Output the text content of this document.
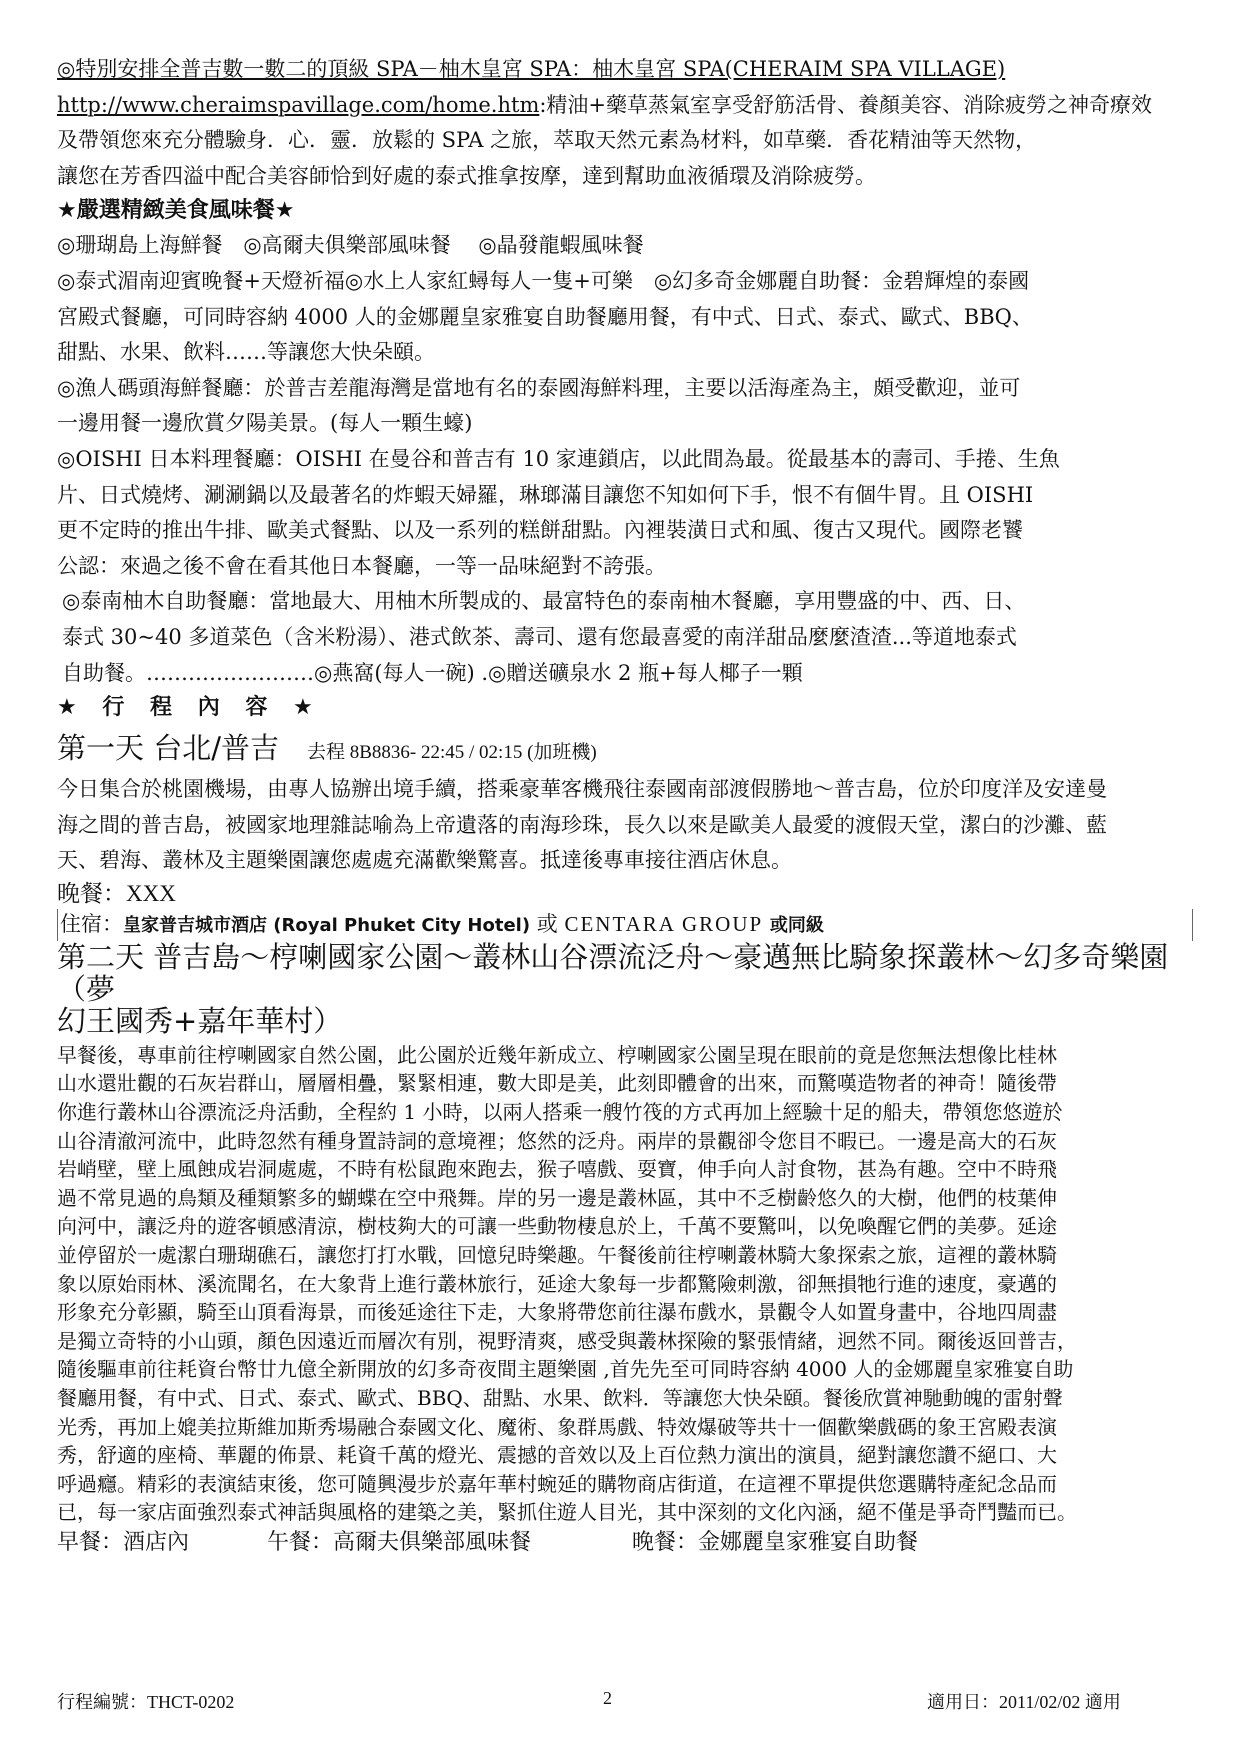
◎特別安排全普吉數一數二的頂級 SPA－柚木皇宮 SPA：柚木皇宮 SPA(CHERAIM SPA VILLAGE)

http://www.cheraimspavillage.com/home.htm:精油+藥草蒸氣室享受舒筋活骨、養顏美容、消除疲勞之神奇療效

及帶領您來充分體驗身．心．靈．放鬆的 SPA 之旅，萃取天然元素為材料，如草藥．香花精油等天然物，

讓您在芳香四溢中配合美容師恰到好處的泰式推拿按摩，達到幫助血液循環及消除疲勞。

★嚴選精緻美食風味餐★

◎珊瑚島上海鮮餐　◎高爾夫俱樂部風味餐　 ◎晶發龍蝦風味餐

◎泰式湄南迎賓晚餐+天燈祈福◎水上人家紅蟳每人一隻+可樂　◎幻多奇金娜麗自助餐：金碧輝煌的泰國

宮殿式餐廳，可同時容納 4000 人的金娜麗皇家雅宴自助餐廳用餐，有中式、日式、泰式、歐式、BBQ、

甜點、水果、飲料……等讓您大快朵頤。

◎漁人碼頭海鮮餐廳：於普吉差龍海灣是當地有名的泰國海鮮料理，主要以活海產為主，頗受歡迎，並可

一邊用餐一邊欣賞夕陽美景。(每人一顆生蠔)

◎OISHI 日本料理餐廳：OISHI 在曼谷和普吉有 10 家連鎖店，以此間為最。從最基本的壽司、手捲、生魚

片、日式燒烤、涮涮鍋以及最著名的炸蝦天婦羅，琳瑯滿目讓您不知如何下手，恨不有個牛胃。且 OISHI

更不定時的推出牛排、歐美式餐點、以及一系列的糕餅甜點。內裡裝潢日式和風、復古又現代。國際老饕

公認：來過之後不會在看其他日本餐廳，一等一品味絕對不誇張。

◎泰南柚木自助餐廳：當地最大、用柚木所製成的、最富特色的泰南柚木餐廳，享用豐盛的中、西、日、

泰式 30~40 多道菜色（含米粉湯）、港式飲茶、壽司、還有您最喜愛的南洋甜品麼麼渣渣...等道地泰式

自助餐。……………………◎燕窩(每人一碗) .◎贈送礦泉水 2 瓶+每人椰子一顆

★ 行 程 內 容 ★

第一天 台北/普吉 去程 8B8836- 22:45 / 02:15 (加班機)

今日集合於桃園機場，由專人協辦出境手續，搭乘豪華客機飛往泰國南部渡假勝地～普吉島，位於印度洋及安達曼

海之間的普吉島，被國家地理雜誌喻為上帝遺落的南海珍珠，長久以來是歐美人最愛的渡假天堂，潔白的沙灘、藍

天、碧海、叢林及主題樂園讓您處處充滿歡樂驚喜。抵達後專車接往酒店休息。

晚餐：XXX

住宿：皇家普吉城市酒店 (Royal Phuket City Hotel) 或 CENTARA GROUP 或同級

第二天 普吉島～梈喇國家公園～叢林山谷漂流泛舟～豪邁無比騎象探叢林～幻多奇樂園（夢

幻王國秀+嘉年華村）

早餐後，專車前往梈喇國家自然公園，此公園於近幾年新成立、梈喇國家公園呈現在眼前的竟是您無法想像比桂林
山水還壯觀的石灰岩群山，層層相疊，緊緊相連，數大即是美，此刻即體會的出來，而驚嘆造物者的神奇！隨後帶
你進行叢林山谷漂流泛舟活動，全程約 1 小時，以兩人搭乘一艘竹筏的方式再加上經驗十足的船夫，帶領您悠遊於
山谷清澈河流中，此時忽然有種身置詩詞的意境裡；悠然的泛舟。兩岸的景觀卻令您目不暇已。一邊是高大的石灰
岩峭壁，壁上風蝕成岩洞處處，不時有松鼠跑來跑去，猴子嘻戲、耍寶，伸手向人討食物，甚為有趣。空中不時飛
過不常見過的鳥類及種類繁多的蝴蝶在空中飛舞。岸的另一邊是叢林區，其中不乏樹齡悠久的大樹，他們的枝葉伸
向河中，讓泛舟的遊客頓感清涼，樹枝夠大的可讓一些動物棲息於上，千萬不要驚叫，以免喚醒它們的美夢。延途
並停留於一處潔白珊瑚礁石，讓您打打水戰，回憶兒時樂趣。午餐後前往梈喇叢林騎大象探索之旅，這裡的叢林騎
象以原始雨林、溪流聞名，在大象背上進行叢林旅行，延途大象每一步都驚險刺激，卻無損牠行進的速度，豪邁的
形象充分彰顯，騎至山頂看海景，而後延途往下走，大象將帶您前往瀑布戲水，景觀令人如置身畫中，谷地四周盡
是獨立奇特的小山頭，顏色因遠近而層次有別，視野清爽，感受與叢林探險的緊張情緒，迥然不同。爾後返回普吉，
隨後驅車前往耗資台幣廿九億全新開放的幻多奇夜間主題樂園 ,首先先至可同時容納 4000 人的金娜麗皇家雅宴自助
餐廳用餐，有中式、日式、泰式、歐式、BBQ、甜點、水果、飲料．等讓您大快朵頤。餐後欣賞神馳動魄的雷射聲
光秀，再加上媲美拉斯維加斯秀場融合泰國文化、魔術、象群馬戲、特效爆破等共十一個歡樂戲碼的象王宮殿表演
秀，舒適的座椅、華麗的佈景、耗資千萬的燈光、震撼的音效以及上百位熱力演出的演員，絕對讓您讚不絕口、大
呼過癮。精彩的表演結束後，您可隨興漫步於嘉年華村蜿延的購物商店街道，在這裡不單提供您選購特產紀念品而
已，每一家店面強烈泰式神話與風格的建築之美，緊抓住遊人目光，其中深刻的文化內涵，絕不僅是爭奇鬥豔而已。

早餐：酒店內	午餐：高爾夫俱樂部風味餐	晚餐：金娜麗皇家雅宴自助餐

行程編號：THCT-0202	2	適用日：2011/02/02 適用
